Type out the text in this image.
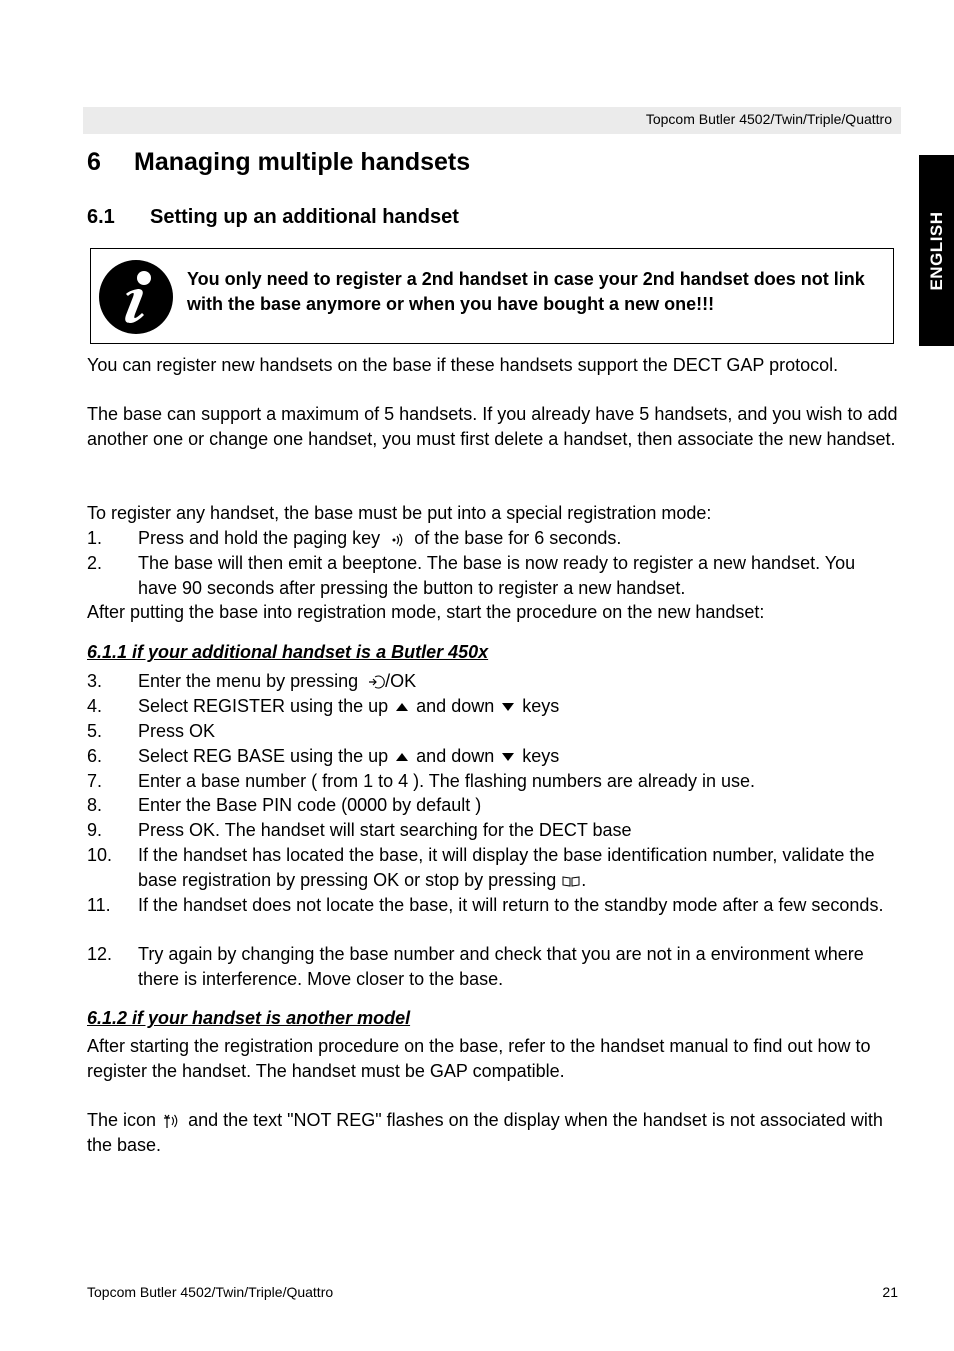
Topcom Butler 4502/Twin/Triple/Quattro
ENGLISH
6 Managing multiple handsets
6.1 Setting up an additional handset
You only need to register a 2nd handset in case your 2nd handset does not link with the base anymore or when you have bought a new one!!!
You can register new handsets on the base if these handsets support the DECT GAP protocol.
The base can support a maximum of 5 handsets. If you already have 5 handsets, and you wish to add another one or change one handset, you must first delete a handset, then associate the new handset.
To register any handset, the base must be put into a special registration mode:
1. Press and hold the paging key of the base for 6 seconds.
2. The base will then emit a beeptone. The base is now ready to register a new handset. You have 90 seconds after pressing the button to register a new handset.
After putting the base into registration mode, start the procedure on the new handset:
6.1.1 if your additional handset is a Butler 450x
3. Enter the menu by pressing /OK
4. Select REGISTER using the up and down keys
5. Press OK
6. Select REG BASE using the up and down keys
7. Enter a base number ( from 1 to 4 ). The flashing numbers are already in use.
8. Enter the Base PIN code (0000 by default )
9. Press OK. The handset will start searching for the DECT base
10. If the handset has located the base, it will display the base identification number, validate the base registration by pressing OK or stop by pressing .
11. If the handset does not locate the base, it will return to the standby mode after a few seconds.
12. Try again by changing the base number and check that you are not in a environment where there is interference. Move closer to the base.
6.1.2 if your handset is another model
After starting the registration procedure on the base, refer to the handset manual to find out how to register the handset. The handset must be GAP compatible.
The icon and the text "NOT REG" flashes on the display when the handset is not associated with the base.
Topcom Butler 4502/Twin/Triple/Quattro	21
